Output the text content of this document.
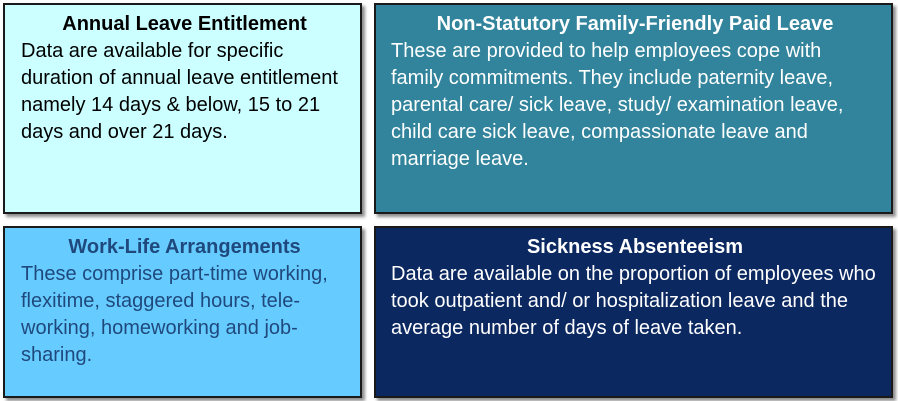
Annual Leave Entitlement
Data are available for specific duration of annual leave entitlement namely 14 days & below, 15 to 21 days and over 21 days.
Non-Statutory Family-Friendly Paid Leave
These are provided to help employees cope with family commitments. They include paternity leave, parental care/ sick leave, study/ examination leave, child care sick leave, compassionate leave and marriage leave.
Work-Life Arrangements
These comprise part-time working, flexitime, staggered hours, tele-working, homeworking and job-sharing.
Sickness Absenteeism
Data are available on the proportion of employees who took outpatient and/ or hospitalization leave and the average number of days of leave taken.
